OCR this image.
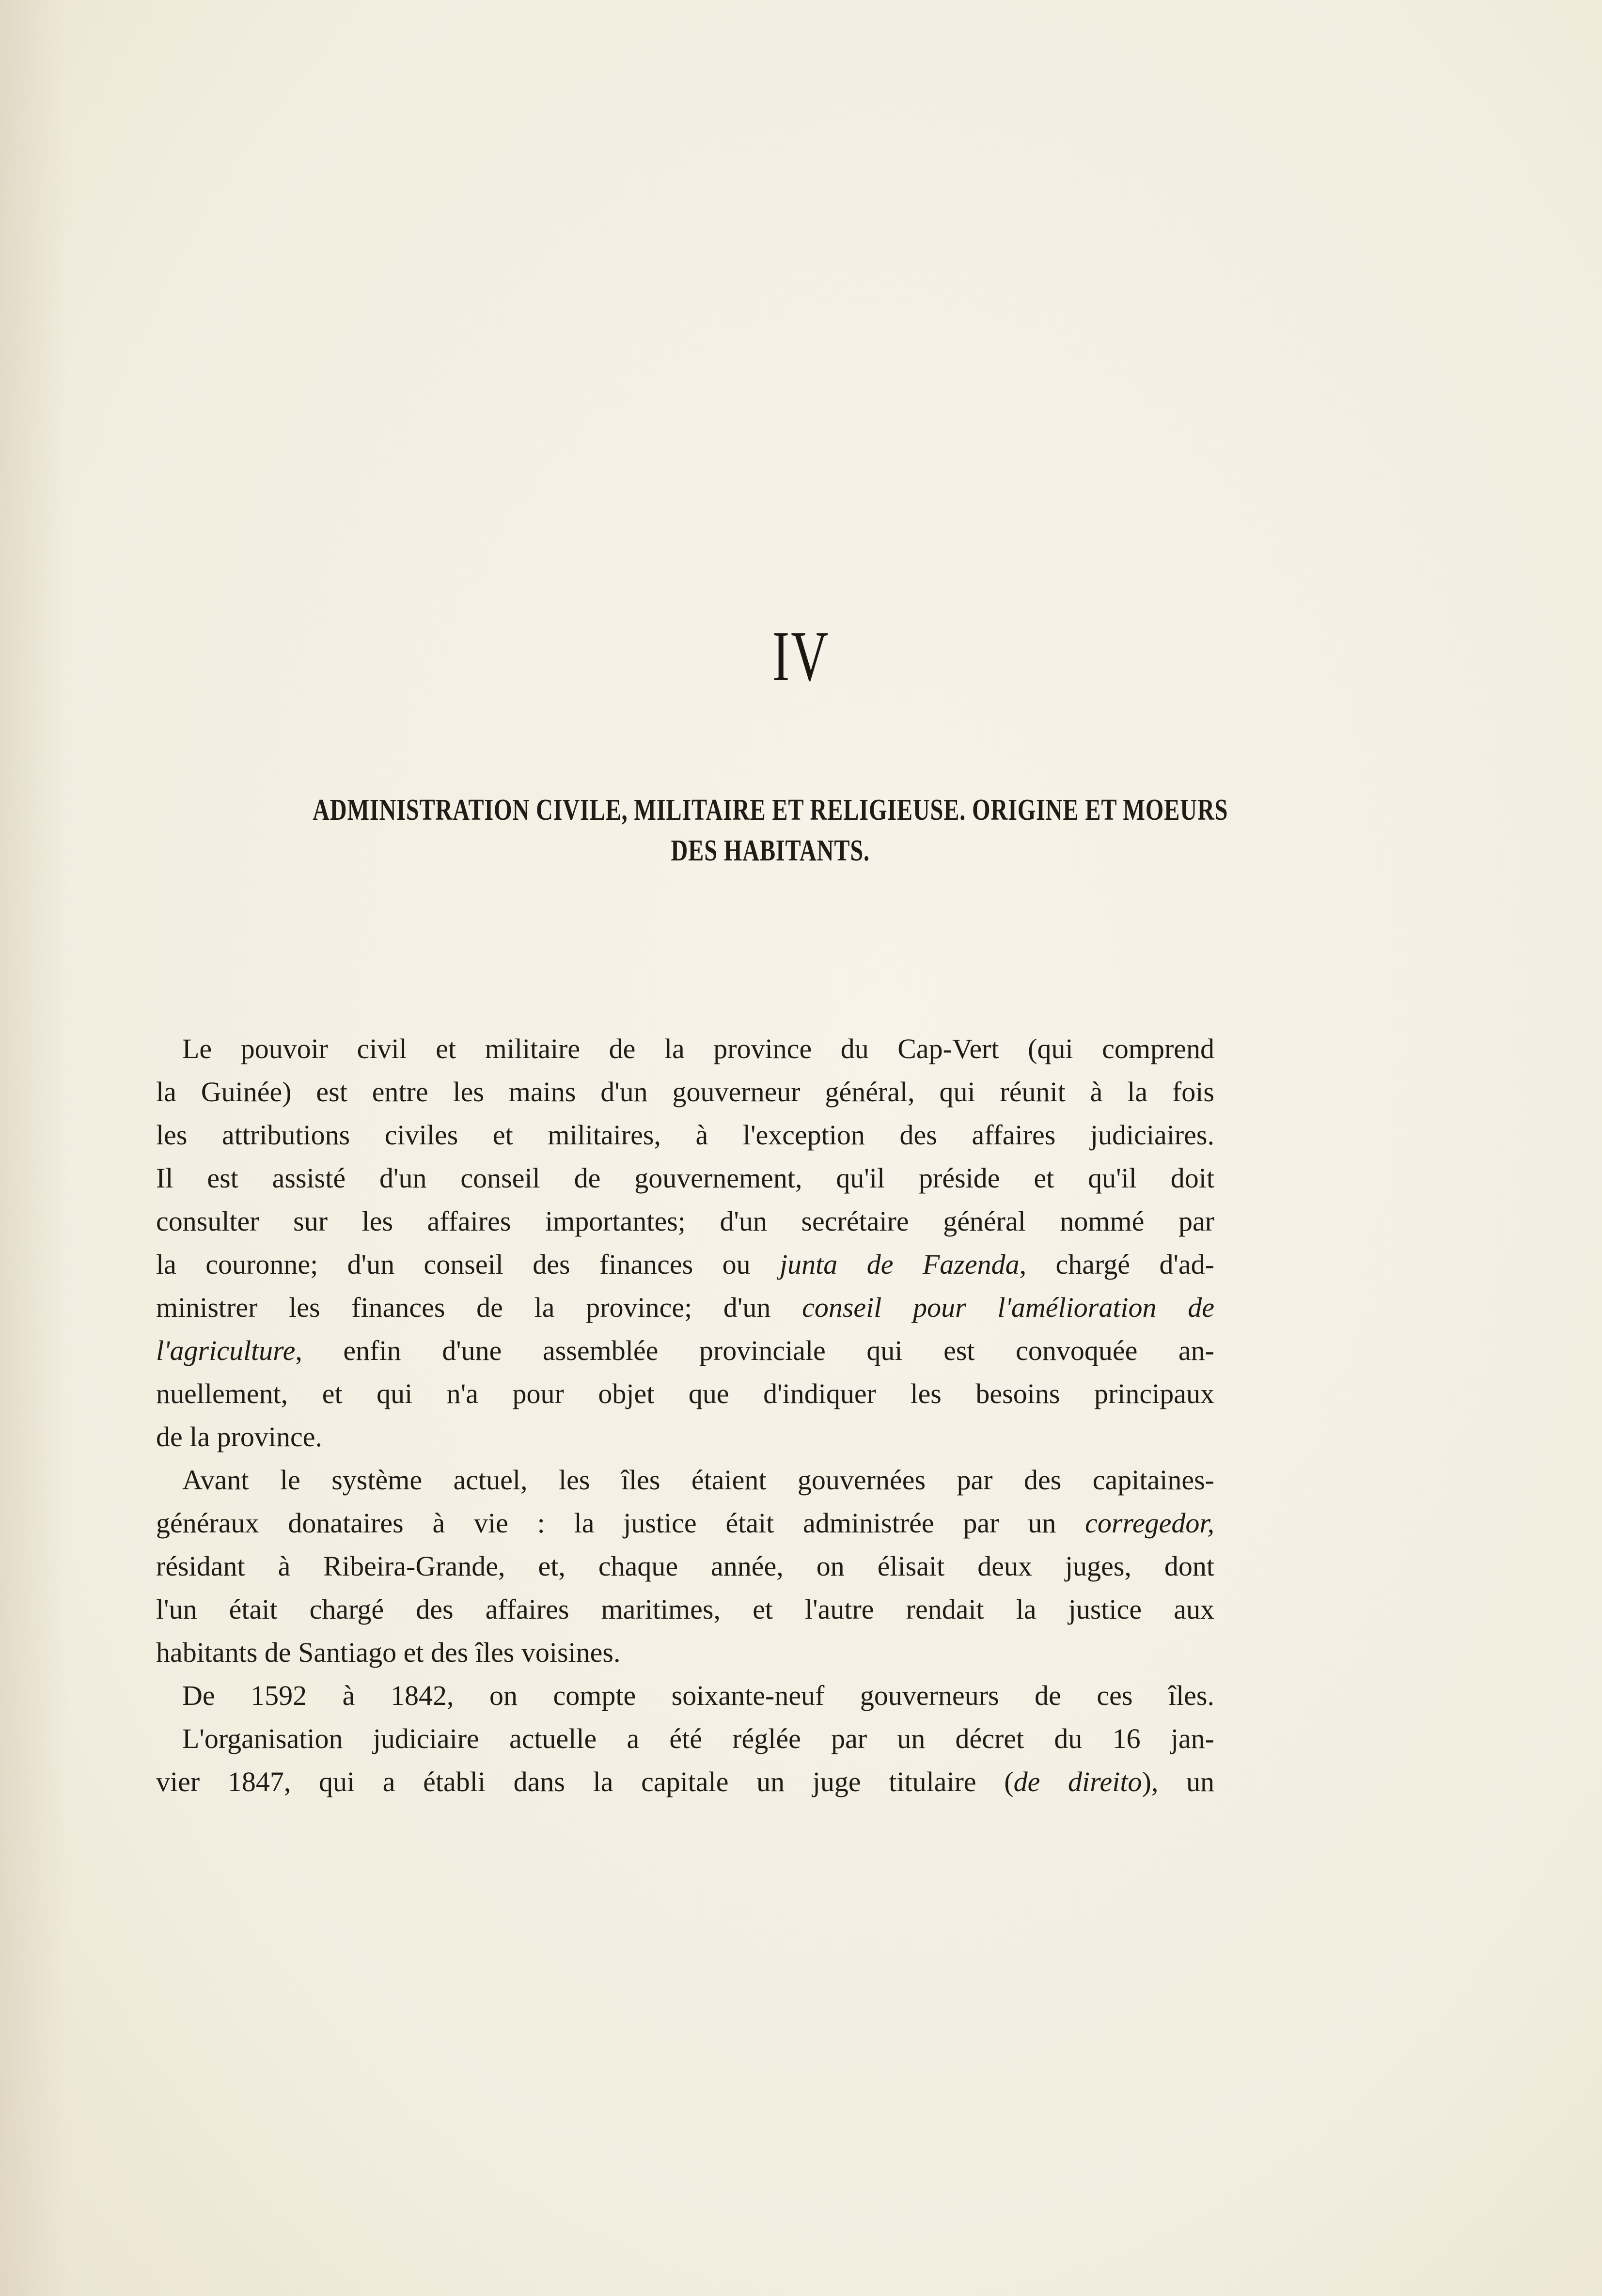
IV
ADMINISTRATION CIVILE, MILITAIRE ET RELIGIEUSE. ORIGINE ET MOEURS
DES HABITANTS.
Le pouvoir civil et militaire de la province du Cap-Vert (qui comprend
la Guinée) est entre les mains d'un gouverneur général, qui réunit à la fois
les attributions civiles et militaires, à l'exception des affaires judiciaires.
Il est assisté d'un conseil de gouvernement, qu'il préside et qu'il doit
consulter sur les affaires importantes; d'un secrétaire général nommé par
la couronne; d'un conseil des finances ou junta de Fazenda, chargé d'ad-
ministrer les finances de la province; d'un conseil pour l'amélioration de
l'agriculture, enfin d'une assemblée provinciale qui est convoquée an-
nuellement, et qui n'a pour objet que d'indiquer les besoins principaux
de la province.
Avant le système actuel, les îles étaient gouvernées par des capitaines-
généraux donataires à vie : la justice était administrée par un corregedor,
résidant à Ribeira-Grande, et, chaque année, on élisait deux juges, dont
l'un était chargé des affaires maritimes, et l'autre rendait la justice aux
habitants de Santiago et des îles voisines.
De 1592 à 1842, on compte soixante-neuf gouverneurs de ces îles.
L'organisation judiciaire actuelle a été réglée par un décret du 16 jan-
vier 1847, qui a établi dans la capitale un juge titulaire (de direito), un
